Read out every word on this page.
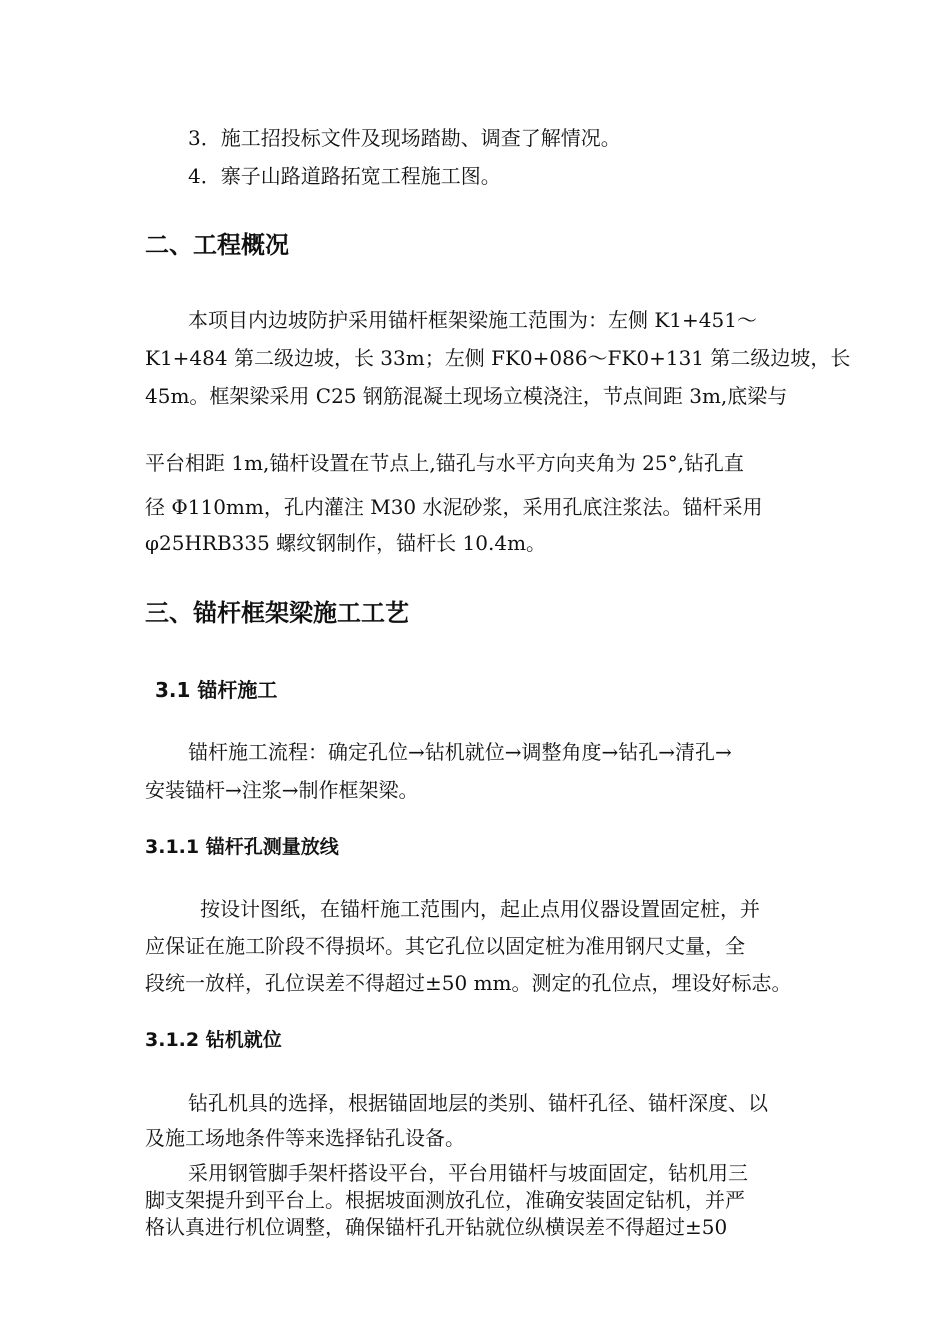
3．施工招投标文件及现场踏勘、调查了解情况。
4．寨子山路道路拓宽工程施工图。
二、工程概况
本项目内边坡防护采用锚杆框架梁施工范围为：左侧 K1+451～
K1+484 第二级边坡，长 33m；左侧 FK0+086～FK0+131 第二级边坡，长
45m。框架梁采用 C25 钢筋混凝土现场立模浇注，节点间距 3m,底梁与
平台相距 1m,锚杆设置在节点上,锚孔与水平方向夹角为 25°,钻孔直
径 Φ110mm，孔内灌注 M30 水泥砂浆，采用孔底注浆法。锚杆采用
φ25HRB335 螺纹钢制作，锚杆长 10.4m。
三、锚杆框架梁施工工艺
3.1 锚杆施工
锚杆施工流程：确定孔位→钻机就位→调整角度→钻孔→清孔→
安装锚杆→注浆→制作框架梁。
3.1.1 锚杆孔测量放线
按设计图纸，在锚杆施工范围内，起止点用仪器设置固定桩，并
应保证在施工阶段不得损坏。其它孔位以固定桩为准用钢尺丈量，全
段统一放样，孔位误差不得超过±50 mm。测定的孔位点，埋设好标志。
3.1.2 钻机就位
钻孔机具的选择，根据锚固地层的类别、锚杆孔径、锚杆深度、以
及施工场地条件等来选择钻孔设备。
采用钢管脚手架杆搭设平台，平台用锚杆与坡面固定，钻机用三
脚支架提升到平台上。根据坡面测放孔位，准确安装固定钻机，并严
格认真进行机位调整，确保锚杆孔开钻就位纵横误差不得超过±50
